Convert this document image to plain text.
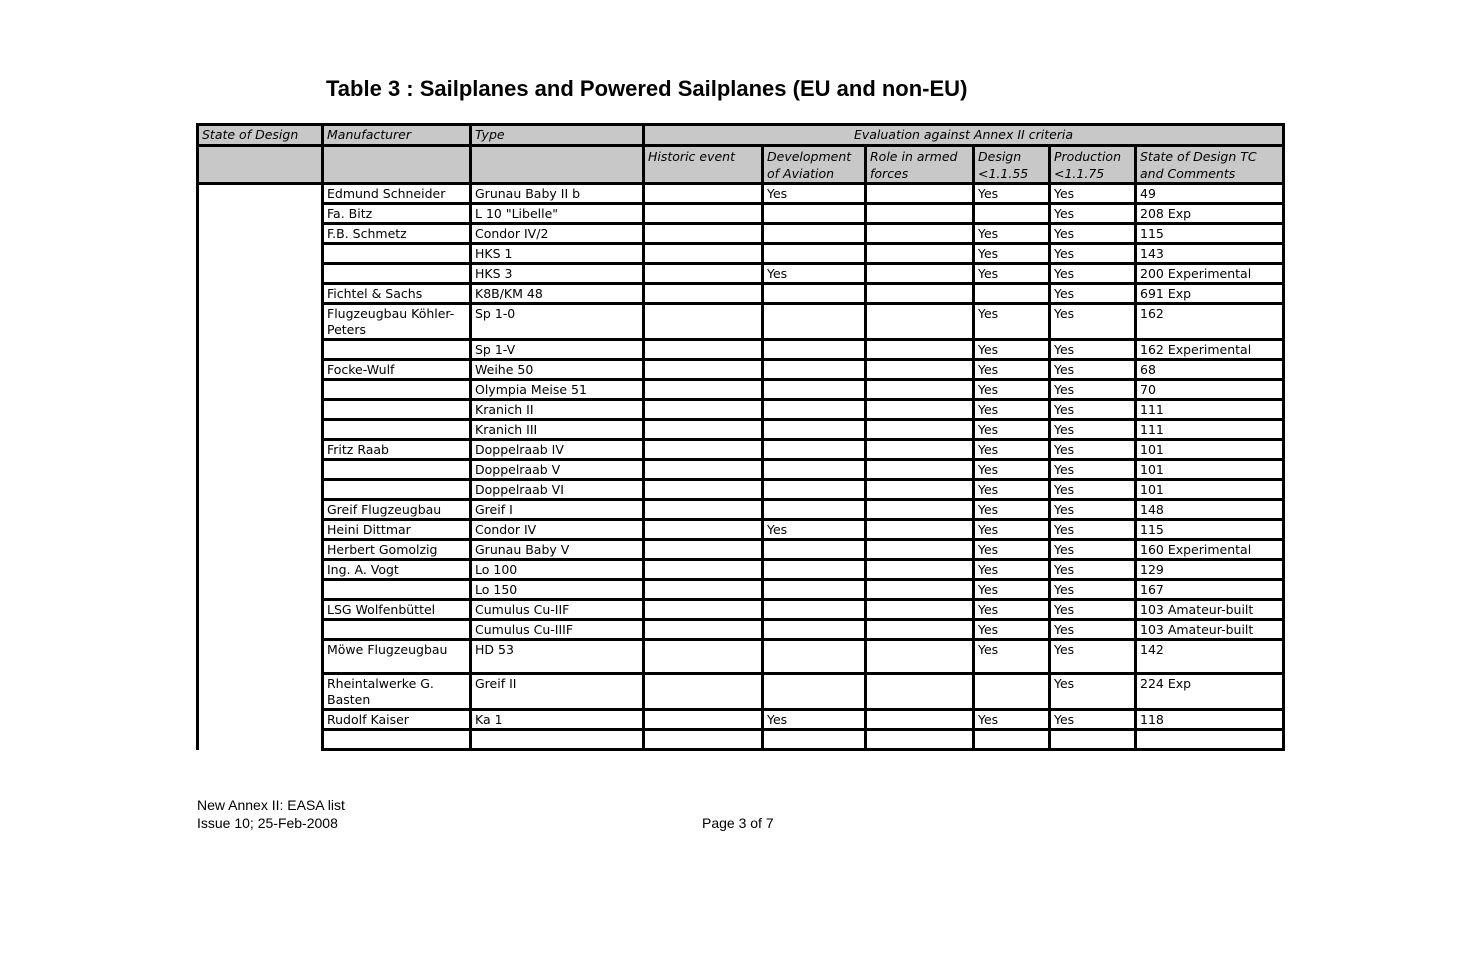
Table 3 : Sailplanes and Powered Sailplanes (EU and non-EU)
State of Design	Manufacturer	Type	Evaluation against Annex II criteria					
			Historic event	Development of Aviation	Role in armed forces	Design <1.1.55	Production <1.1.75	State of Design TC and Comments
	Edmund Schneider	Grunau Baby II b		Yes		Yes	Yes	49
	Fa. Bitz	L 10 "Libelle"					Yes	208 Exp
	F.B. Schmetz	Condor IV/2				Yes	Yes	115
		HKS 1				Yes	Yes	143
		HKS 3		Yes		Yes	Yes	200 Experimental
	Fichtel & Sachs	K8B/KM 48					Yes	691 Exp
	Flugzeugbau Köhler-Peters	Sp 1-0				Yes	Yes	162
		Sp 1-V				Yes	Yes	162 Experimental
	Focke-Wulf	Weihe 50				Yes	Yes	68
		Olympia Meise 51				Yes	Yes	70
		Kranich II				Yes	Yes	111
		Kranich III				Yes	Yes	111
	Fritz Raab	Doppelraab IV				Yes	Yes	101
		Doppelraab V				Yes	Yes	101
		Doppelraab VI				Yes	Yes	101
	Greif Flugzeugbau	Greif I				Yes	Yes	148
	Heini Dittmar	Condor IV		Yes		Yes	Yes	115
	Herbert Gomolzig	Grunau Baby V				Yes	Yes	160 Experimental
	Ing. A. Vogt	Lo 100				Yes	Yes	129
		Lo 150				Yes	Yes	167
	LSG Wolfenbüttel	Cumulus Cu-IIF				Yes	Yes	103 Amateur-built
		Cumulus Cu-IIIF				Yes	Yes	103 Amateur-built
	Möwe Flugzeugbau	HD 53				Yes	Yes	142
	Rheintalwerke G. Basten	Greif II					Yes	224 Exp
	Rudolf Kaiser	Ka 1		Yes		Yes	Yes	118

New Annex II: EASA list
Issue 10; 25-Feb-2008	Page 3 of 7
